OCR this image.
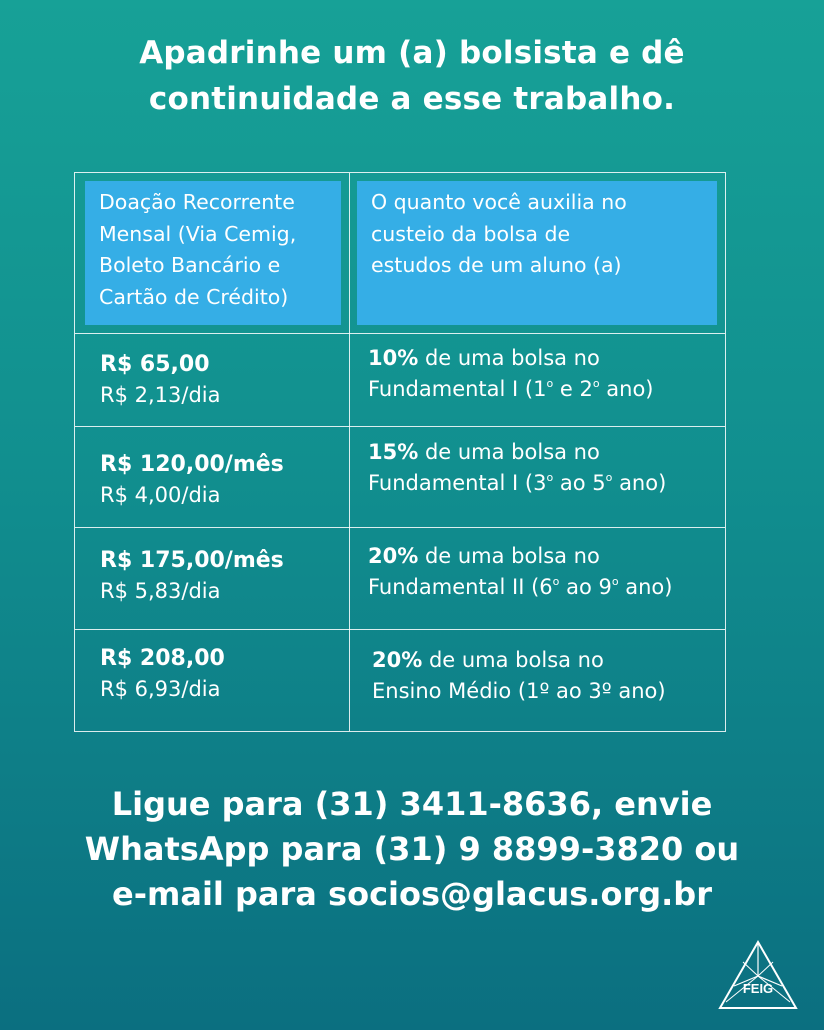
Apadrinhe um (a) bolsista e dê
continuidade a esse trabalho.
Doação Recorrente
Mensal (Via Cemig,
Boleto Bancário e
Cartão de Crédito)
O quanto você auxilia no
custeio da bolsa de
estudos de um aluno (a)
R$ 65,00
R$ 2,13/dia
10% de uma bolsa no
Fundamental I (1$^o$ e 2$^o$ ano)
R$ 120,00/mês
R$ 4,00/dia
15% de uma bolsa no
Fundamental I (3$^o$ ao 5$^o$ ano)
R$ 175,00/mês
R$ 5,83/dia
20% de uma bolsa no
Fundamental II (6$^o$ ao 9$^o$ ano)
R$ 208,00
R$ 6,93/dia
20% de uma bolsa no
Ensino Médio (1º ao 3º ano)
Ligue para (31) 3411-8636, envie
WhatsApp para (31) 9 8899-3820 ou
e-mail para socios@glacus.org.br
FEIG
